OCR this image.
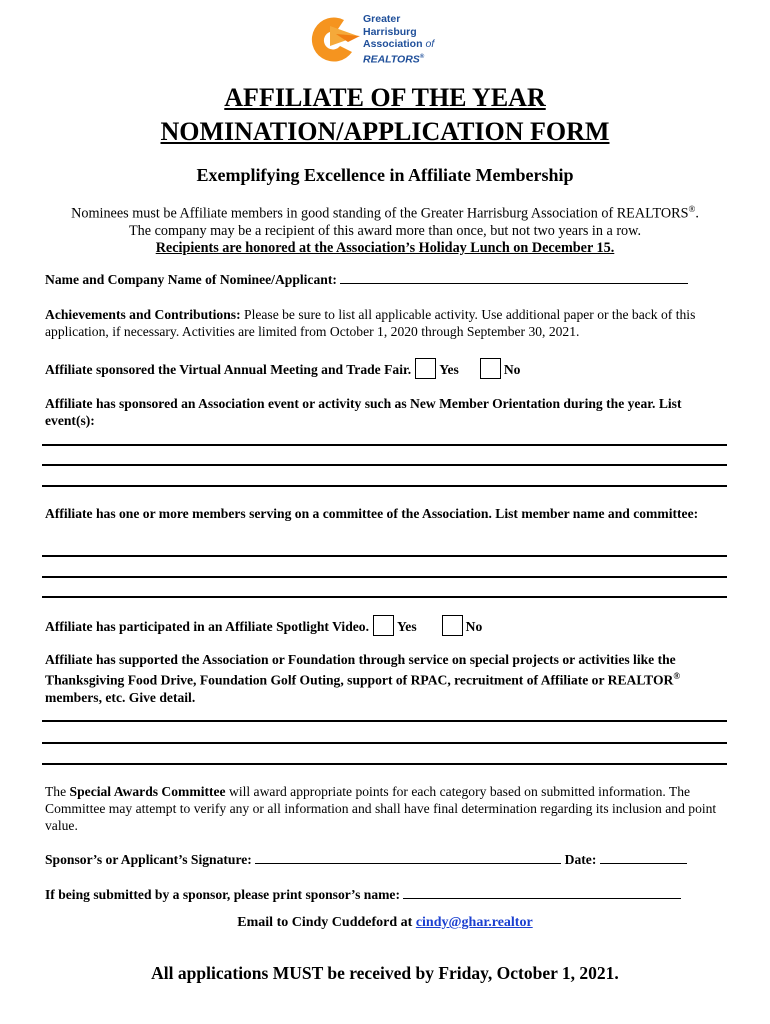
Greater
Harrisburg
Association of
REALTORS®
AFFILIATE OF THE YEAR
NOMINATION/APPLICATION FORM
Exemplifying Excellence in Affiliate Membership
Nominees must be Affiliate members in good standing of the Greater Harrisburg Association of REALTORS®.
The company may be a recipient of this award more than once, but not two years in a row.
Recipients are honored at the Association’s Holiday Lunch on December 15.
Name and Company Name of Nominee/Applicant:
Achievements and Contributions: Please be sure to list all applicable activity. Use additional paper or the back of this application, if necessary. Activities are limited from October 1, 2020 through September 30, 2021.
Affiliate sponsored the Virtual Annual Meeting and Trade Fair. Yes	No
Affiliate has sponsored an Association event or activity such as New Member Orientation during the year. List event(s):
Affiliate has one or more members serving on a committee of the Association. List member name and committee:
Affiliate has participated in an Affiliate Spotlight Video. Yes	No
Affiliate has supported the Association or Foundation through service on special projects or activities like the Thanksgiving Food Drive, Foundation Golf Outing, support of RPAC, recruitment of Affiliate or REALTOR® members, etc. Give detail.
The Special Awards Committee will award appropriate points for each category based on submitted information. The Committee may attempt to verify any or all information and shall have final determination regarding its inclusion and point value.
Sponsor’s or Applicant’s Signature:	Date:
If being submitted by a sponsor, please print sponsor’s name:
Email to Cindy Cuddeford at cindy@ghar.realtor
All applications MUST be received by Friday, October 1, 2021.
